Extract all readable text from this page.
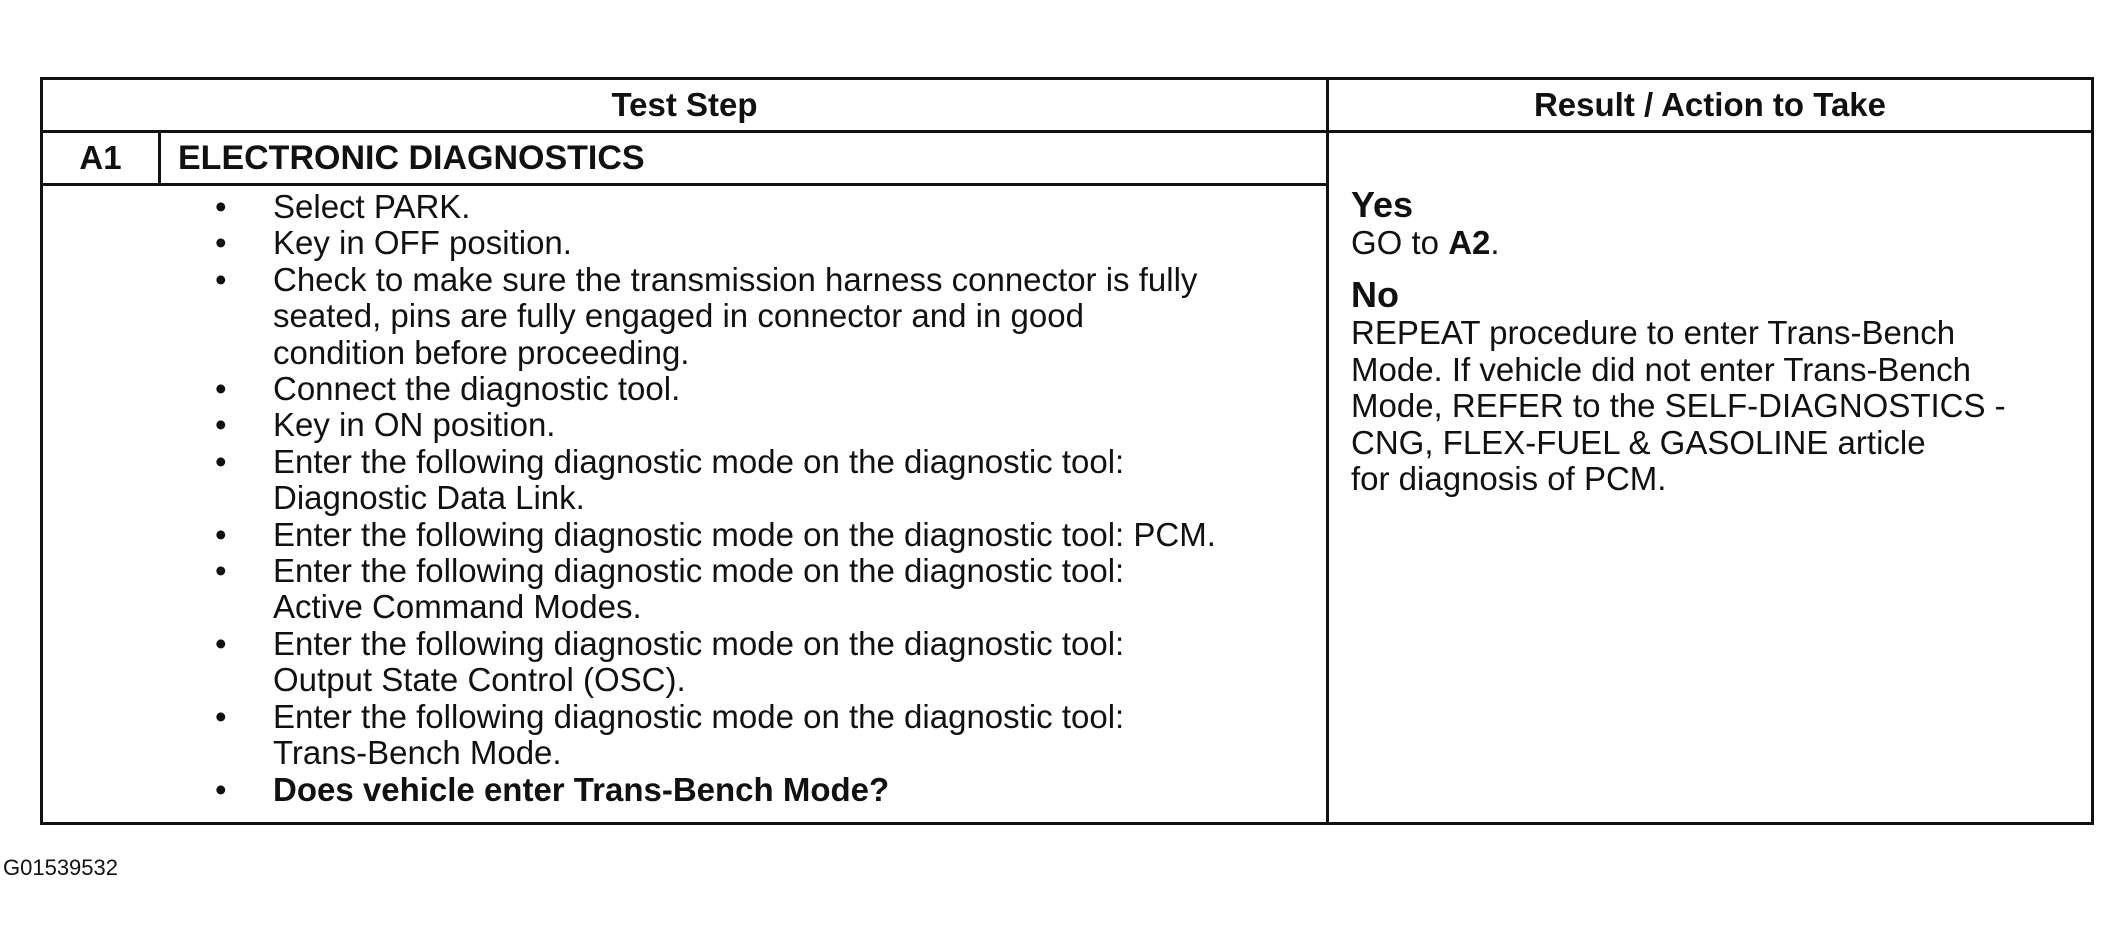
Test Step	Result / Action to Take
A1	ELECTRONIC DIAGNOSTICS
• Select PARK.
• Key in OFF position.
• Check to make sure the transmission harness connector is fully
seated, pins are fully engaged in connector and in good
condition before proceeding.
• Connect the diagnostic tool.
• Key in ON position.
• Enter the following diagnostic mode on the diagnostic tool:
Diagnostic Data Link.
• Enter the following diagnostic mode on the diagnostic tool: PCM.
• Enter the following diagnostic mode on the diagnostic tool:
Active Command Modes.
• Enter the following diagnostic mode on the diagnostic tool:
Output State Control (OSC).
• Enter the following diagnostic mode on the diagnostic tool:
Trans-Bench Mode.
• Does vehicle enter Trans-Bench Mode?
Yes
GO to A2.
No
REPEAT procedure to enter Trans-Bench
Mode. If vehicle did not enter Trans-Bench
Mode, REFER to the SELF-DIAGNOSTICS -
CNG, FLEX-FUEL & GASOLINE article
for diagnosis of PCM.
G01539532
